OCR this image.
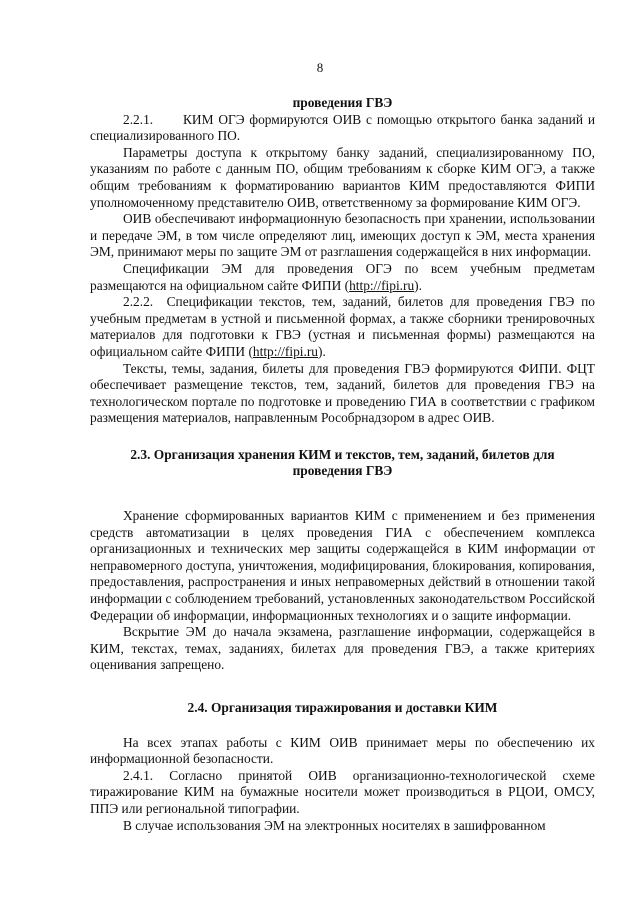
8

проведения ГВЭ

2.2.1. КИМ ОГЭ формируются ОИВ с помощью открытого банка заданий и специализированного ПО.

Параметры доступа к открытому банку заданий, специализированному ПО, указаниям по работе с данным ПО, общим требованиям к сборке КИМ ОГЭ, а также общим требованиям к форматированию вариантов КИМ предоставляются ФИПИ уполномоченному представителю ОИВ, ответственному за формирование КИМ ОГЭ.

ОИВ обеспечивают информационную безопасность при хранении, использовании и передаче ЭМ, в том числе определяют лиц, имеющих доступ к ЭМ, места хранения ЭМ, принимают меры по защите ЭМ от разглашения содержащейся в них информации.

Спецификации ЭМ для проведения ОГЭ по всем учебным предметам размещаются на официальном сайте ФИПИ (http://fipi.ru).

2.2.2. Спецификации текстов, тем, заданий, билетов для проведения ГВЭ по учебным предметам в устной и письменной формах, а также сборники тренировочных материалов для подготовки к ГВЭ (устная и письменная формы) размещаются на официальном сайте ФИПИ (http://fipi.ru).

Тексты, темы, задания, билеты для проведения ГВЭ формируются ФИПИ. ФЦТ обеспечивает размещение текстов, тем, заданий, билетов для проведения ГВЭ на технологическом портале по подготовке и проведению ГИА в соответствии с графиком размещения материалов, направленным Рособрнадзором в адрес ОИВ.

2.3. Организация хранения КИМ и текстов, тем, заданий, билетов для
проведения ГВЭ

Хранение сформированных вариантов КИМ с применением и без применения средств автоматизации в целях проведения ГИА с обеспечением комплекса организационных и технических мер защиты содержащейся в КИМ информации от неправомерного доступа, уничтожения, модифицирования, блокирования, копирования, предоставления, распространения и иных неправомерных действий в отношении такой информации с соблюдением требований, установленных законодательством Российской Федерации об информации, информационных технологиях и о защите информации.

Вскрытие ЭМ до начала экзамена, разглашение информации, содержащейся в КИМ, текстах, темах, заданиях, билетах для проведения ГВЭ, а также критериях оценивания запрещено.

2.4. Организация тиражирования и доставки КИМ

На всех этапах работы с КИМ ОИВ принимает меры по обеспечению их информационной безопасности.

2.4.1. Согласно принятой ОИВ организационно-технологической схеме тиражирование КИМ на бумажные носители может производиться в РЦОИ, ОМСУ, ППЭ или региональной типографии.

В случае использования ЭМ на электронных носителях в зашифрованном
